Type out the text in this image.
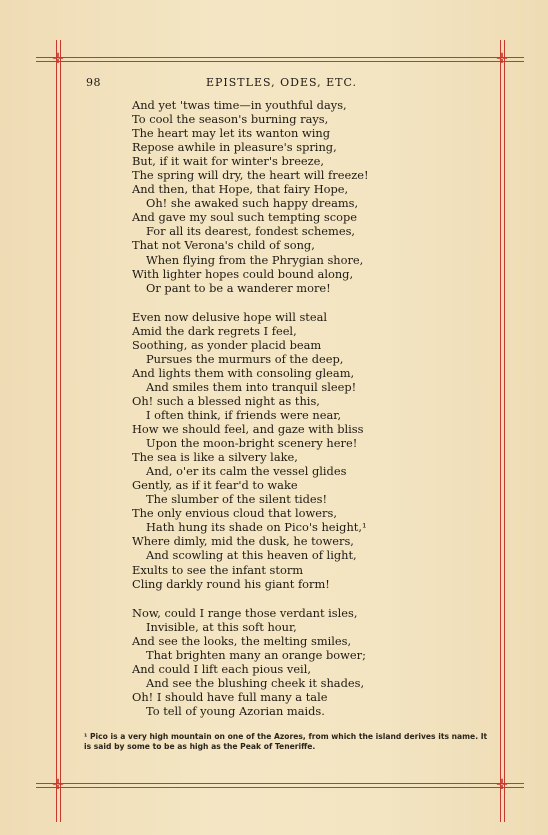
✛	✛
✛	✛
98	EPISTLES, ODES, ETC.
And yet 'twas time—in youthful days,
To cool the season's burning rays,
The heart may let its wanton wing
Repose awhile in pleasure's spring,
But, if it wait for winter's breeze,
The spring will dry, the heart will freeze!
And then, that Hope, that fairy Hope,
Oh! she awaked such happy dreams,
And gave my soul such tempting scope
For all its dearest, fondest schemes,
That not Verona's child of song,
When flying from the Phrygian shore,
With lighter hopes could bound along,
Or pant to be a wanderer more!
Even now delusive hope will steal
Amid the dark regrets I feel,
Soothing, as yonder placid beam
Pursues the murmurs of the deep,
And lights them with consoling gleam,
And smiles them into tranquil sleep!
Oh! such a blessed night as this,
I often think, if friends were near,
How we should feel, and gaze with bliss
Upon the moon-bright scenery here!
The sea is like a silvery lake,
And, o'er its calm the vessel glides
Gently, as if it fear'd to wake
The slumber of the silent tides!
The only envious cloud that lowers,
Hath hung its shade on Pico's height,¹
Where dimly, mid the dusk, he towers,
And scowling at this heaven of light,
Exults to see the infant storm
Cling darkly round his giant form!
Now, could I range those verdant isles,
Invisible, at this soft hour,
And see the looks, the melting smiles,
That brighten many an orange bower;
And could I lift each pious veil,
And see the blushing cheek it shades,
Oh! I should have full many a tale
To tell of young Azorian maids.
¹ Pico is a very high mountain on one of the Azores, from which the island derives its name. It is said by some to be as high as the Peak of Teneriffe.
